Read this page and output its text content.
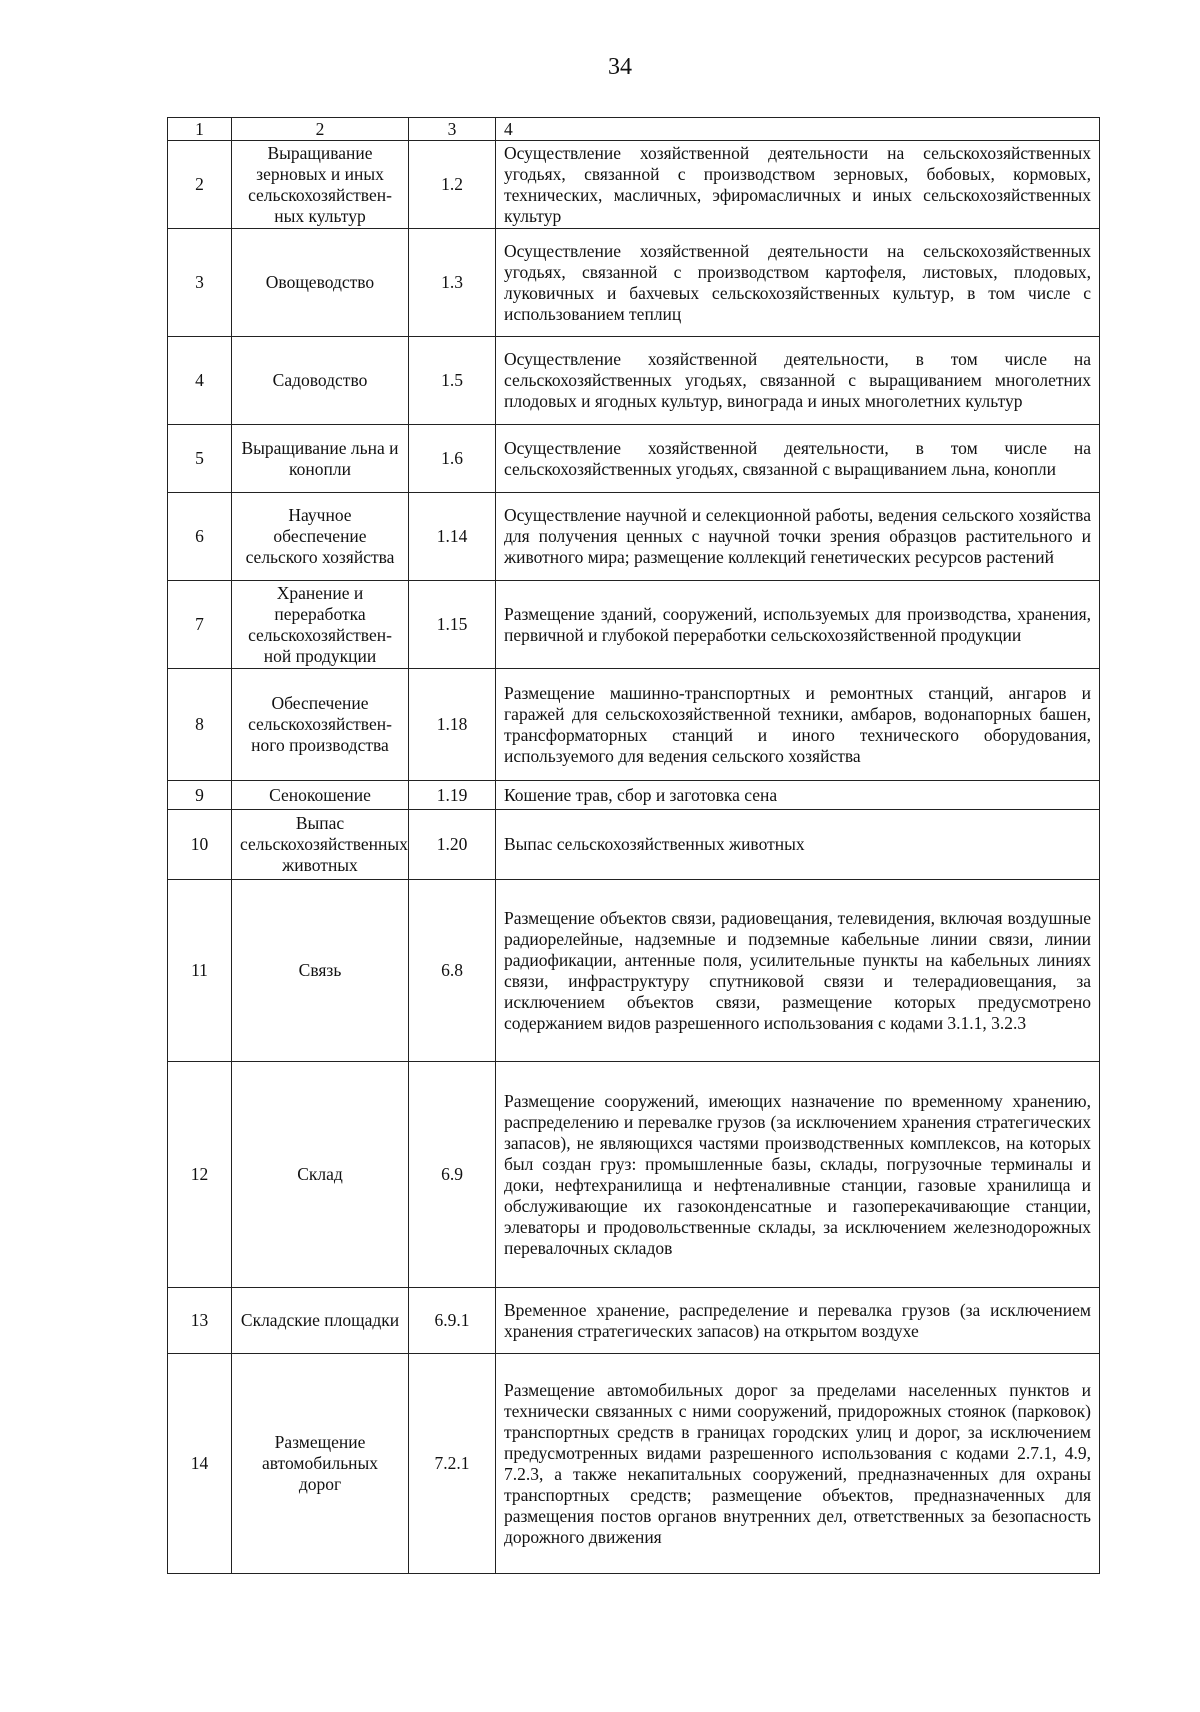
34
1	2	3	4
2	Выращивание зерновых и иных сельскохозяйствен-ных культур	1.2	Осуществление хозяйственной деятельности на сельскохозяйственных угодьях, связанной с производством зерновых, бобовых, кормовых, технических, масличных, эфиромасличных и иных сельскохозяйственных культур
3	Овощеводство	1.3	Осуществление хозяйственной деятельности на сельскохозяйственных угодьях, связанной с производством картофеля, листовых, плодовых, луковичных и бахчевых сельскохозяйственных культур, в том числе с использованием теплиц
4	Садоводство	1.5	Осуществление хозяйственной деятельности, в том числе на сельскохозяйственных угодьях, связанной с выращиванием многолетних плодовых и ягодных культур, винограда и иных многолетних культур
5	Выращивание льна и конопли	1.6	Осуществление хозяйственной деятельности, в том числе на сельскохозяйственных угодьях, связанной с выращиванием льна, конопли
6	Научное обеспечение сельского хозяйства	1.14	Осуществление научной и селекционной работы, ведения сельского хозяйства для получения ценных с научной точки зрения образцов растительного и животного мира; размещение коллекций генетических ресурсов растений
7	Хранение и переработка сельскохозяйствен-ной продукции	1.15	Размещение зданий, сооружений, используемых для производства, хранения, первичной и глубокой переработки сельскохозяйственной продукции
8	Обеспечение сельскохозяйствен-ного производства	1.18	Размещение машинно-транспортных и ремонтных станций, ангаров и гаражей для сельскохозяйственной техники, амбаров, водонапорных башен, трансформаторных станций и иного технического оборудования, используемого для ведения сельского хозяйства
9	Сенокошение	1.19	Кошение трав, сбор и заготовка сена
10	Выпас сельскохозяйственных животных	1.20	Выпас сельскохозяйственных животных
11	Связь	6.8	Размещение объектов связи, радиовещания, телевидения, включая воздушные радиорелейные, надземные и подземные кабельные линии связи, линии радиофикации, антенные поля, усилительные пункты на кабельных линиях связи, инфраструктуру спутниковой связи и телерадиовещания, за исключением объектов связи, размещение которых предусмотрено содержанием видов разрешенного использования с кодами 3.1.1, 3.2.3
12	Склад	6.9	Размещение сооружений, имеющих назначение по временному хранению, распределению и перевалке грузов (за исключением хранения стратегических запасов), не являющихся частями производственных комплексов, на которых был создан груз: промышленные базы, склады, погрузочные терминалы и доки, нефтехранилища и нефтеналивные станции, газовые хранилища и обслуживающие их газоконденсатные и газоперекачивающие станции, элеваторы и продовольственные склады, за исключением железнодорожных перевалочных складов
13	Складские площадки	6.9.1	Временное хранение, распределение и перевалка грузов (за исключением хранения стратегических запасов) на открытом воздухе
14	Размещение автомобильных дорог	7.2.1	Размещение автомобильных дорог за пределами населенных пунктов и технически связанных с ними сооружений, придорожных стоянок (парковок) транспортных средств в границах городских улиц и дорог, за исключением предусмотренных видами разрешенного использования с кодами 2.7.1, 4.9, 7.2.3, а также некапитальных сооружений, предназначенных для охраны транспортных средств; размещение объектов, предназначенных для размещения постов органов внутренних дел, ответственных за безопасность дорожного движения
